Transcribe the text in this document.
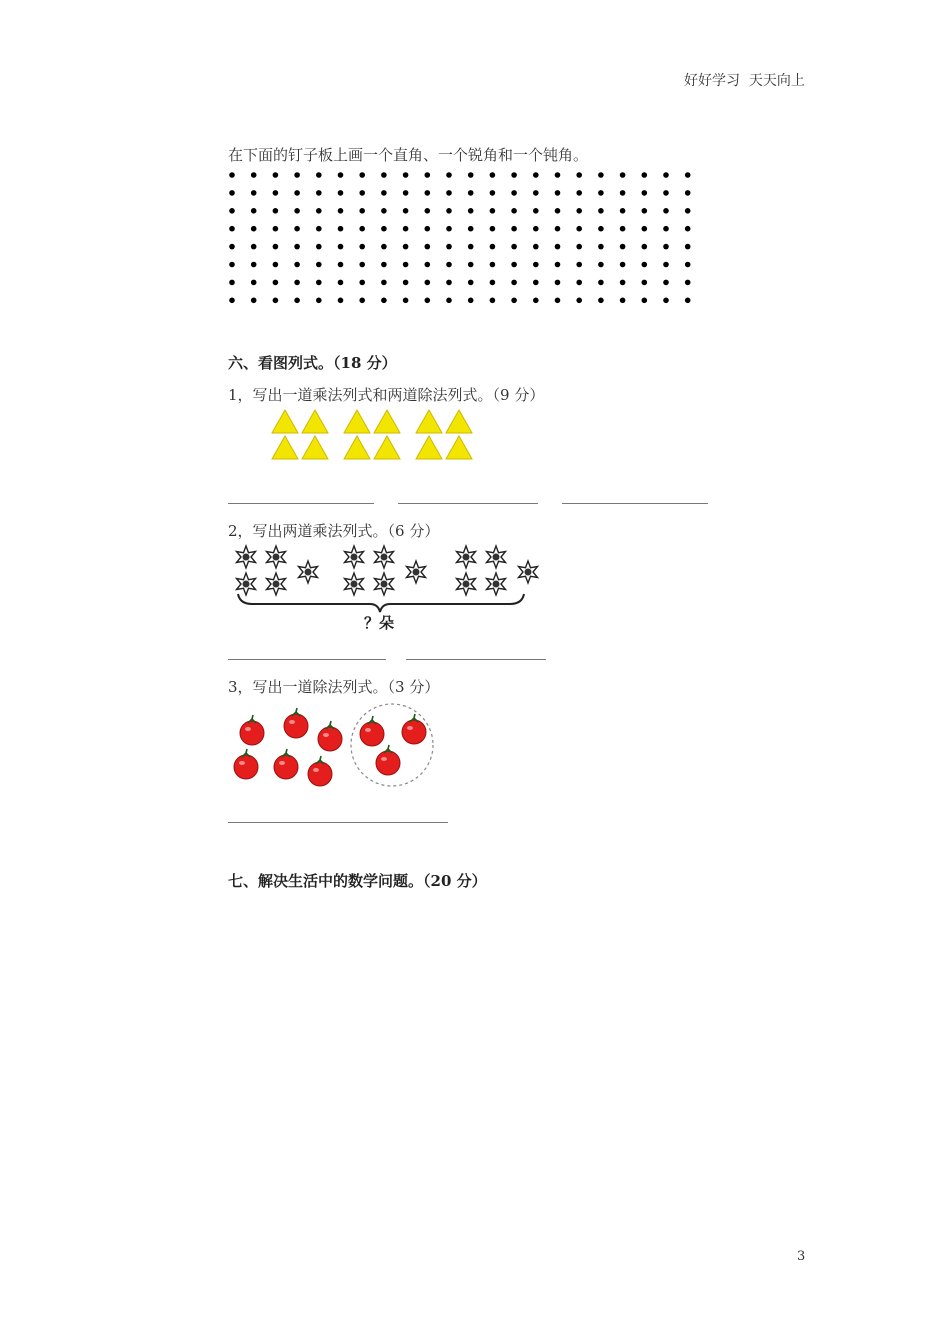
好好学习  天天向上
在下面的钉子板上画一个直角、一个锐角和一个钝角。
六、看图列式。（18 分）
1，写出一道乘法列式和两道除法列式。（9 分）
2，写出两道乘法列式。（6 分）
？朵
3，写出一道除法列式。（3 分）
七、解决生活中的数学问题。（20 分）
3
